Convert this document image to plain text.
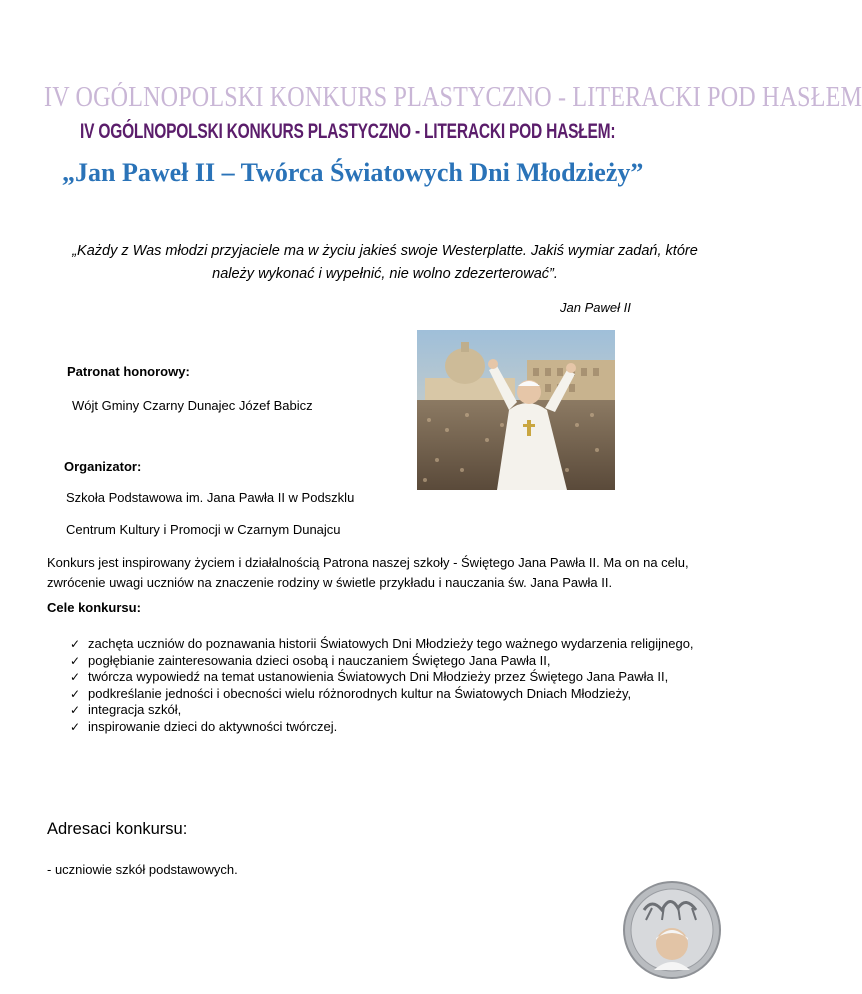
IV OGÓLNOPOLSKI KONKURS PLASTYCZNO - LITERACKI POD HASŁEM
IV OGÓLNOPOLSKI KONKURS PLASTYCZNO - LITERACKI POD HASŁEM:
„Jan Paweł II – Twórca Światowych Dni Młodzieży”
„Każdy z Was młodzi przyjaciele ma w życiu jakieś swoje Westerplatte. Jakiś wymiar zadań, które należy wykonać i wypełnić, nie wolno zdezerterować”.
Jan Paweł II
Patronat honorowy:
Wójt Gminy Czarny Dunajec Józef Babicz
Organizator:
Szkoła Podstawowa im. Jana Pawła II w Podszklu
Centrum Kultury i Promocji w Czarnym Dunajcu
Konkurs jest inspirowany życiem i działalnością Patrona naszej szkoły - Świętego Jana Pawła II. Ma on na celu, zwrócenie uwagi uczniów na znaczenie rodziny w świetle przykładu i nauczania św. Jana Pawła II.
Cele konkursu:
✓ zachęta uczniów do poznawania historii Światowych Dni Młodzieży tego ważnego wydarzenia religijnego,
✓ pogłębianie zainteresowania dzieci osobą i nauczaniem Świętego Jana Pawła II,
✓ twórcza wypowiedź na temat ustanowienia Światowych Dni Młodzieży przez Świętego Jana Pawła II,
✓ podkreślanie jedności i obecności wielu różnorodnych kultur na Światowych Dniach Młodzieży,
✓ integracja szkół,
✓ inspirowanie dzieci do aktywności twórczej.
Adresaci konkursu:
- uczniowie szkół podstawowych.
